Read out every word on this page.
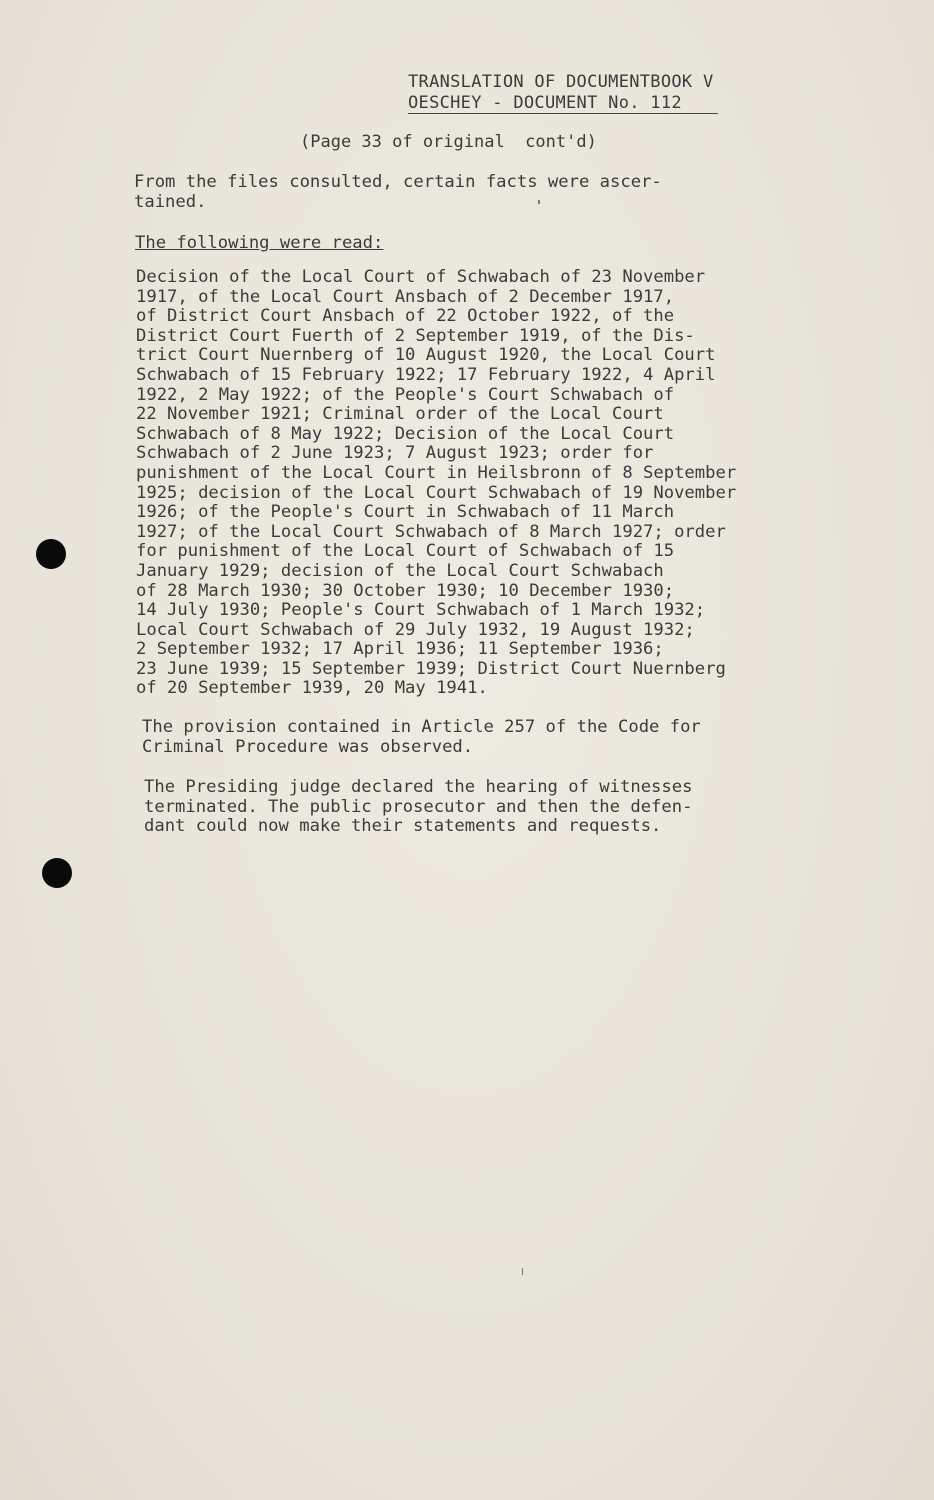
TRANSLATION OF DOCUMENTBOOK V
OESCHEY - DOCUMENT No. 112
(Page 33 of original  cont'd)

From the files consulted, certain facts were ascer-
tained.

The following were read:

Decision of the Local Court of Schwabach of 23 November
1917, of the Local Court Ansbach of 2 December 1917,
of District Court Ansbach of 22 October 1922, of the
District Court Fuerth of 2 September 1919, of the Dis-
trict Court Nuernberg of 10 August 1920, the Local Court
Schwabach of 15 February 1922; 17 February 1922, 4 April
1922, 2 May 1922; of the People's Court Schwabach of
22 November 1921; Criminal order of the Local Court
Schwabach of 8 May 1922; Decision of the Local Court
Schwabach of 2 June 1923; 7 August 1923; order for
punishment of the Local Court in Heilsbronn of 8 September
1925; decision of the Local Court Schwabach of 19 November
1926; of the People's Court in Schwabach of 11 March
1927; of the Local Court Schwabach of 8 March 1927; order
for punishment of the Local Court of Schwabach of 15
January 1929; decision of the Local Court Schwabach
of 28 March 1930; 30 October 1930; 10 December 1930;
14 July 1930; People's Court Schwabach of 1 March 1932;
Local Court Schwabach of 29 July 1932, 19 August 1932;
2 September 1932; 17 April 1936; 11 September 1936;
23 June 1939; 15 September 1939; District Court Nuernberg
of 20 September 1939, 20 May 1941.

The provision contained in Article 257 of the Code for
Criminal Procedure was observed.

The Presiding judge declared the hearing of witnesses
terminated. The public prosecutor and then the defen-
dant could now make their statements and requests.
